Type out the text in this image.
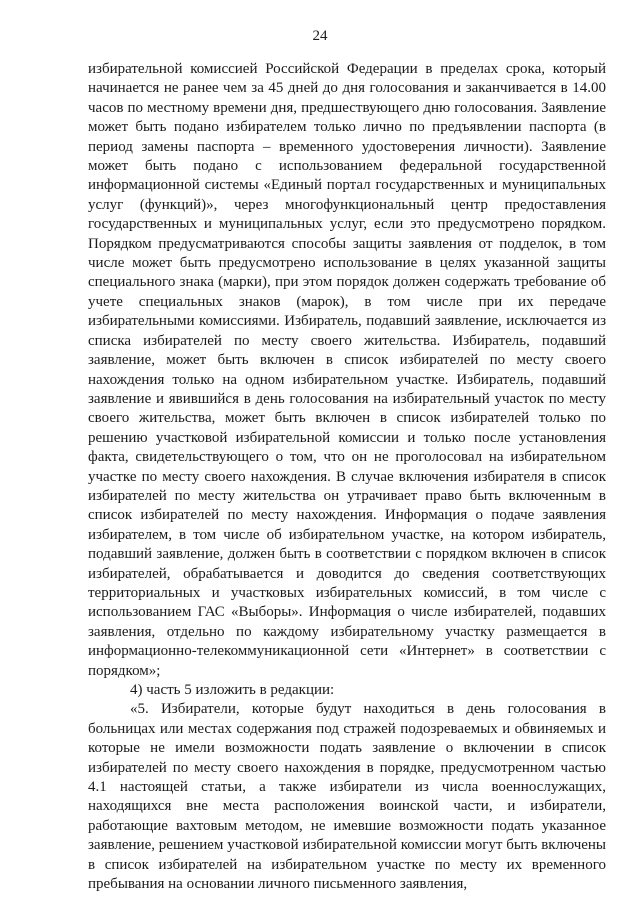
24

избирательной комиссией Российской Федерации в пределах срока, который начинается не ранее чем за 45 дней до дня голосования и заканчивается в 14.00 часов по местному времени дня, предшествующего дню голосования. Заявление может быть подано избирателем только лично по предъявлении паспорта (в период замены паспорта – временного удостоверения личности). Заявление может быть подано с использованием федеральной государственной информационной системы «Единый портал государственных и муниципальных услуг (функций)», через многофункциональный центр предоставления государственных и муниципальных услуг, если это предусмотрено порядком. Порядком предусматриваются способы защиты заявления от подделок, в том числе может быть предусмотрено использование в целях указанной защиты специального знака (марки), при этом порядок должен содержать требование об учете специальных знаков (марок), в том числе при их передаче избирательными комиссиями. Избиратель, подавший заявление, исключается из списка избирателей по месту своего жительства. Избиратель, подавший заявление, может быть включен в список избирателей по месту своего нахождения только на одном избирательном участке. Избиратель, подавший заявление и явившийся в день голосования на избирательный участок по месту своего жительства, может быть включен в список избирателей только по решению участковой избирательной комиссии и только после установления факта, свидетельствующего о том, что он не проголосовал на избирательном участке по месту своего нахождения. В случае включения избирателя в список избирателей по месту жительства он утрачивает право быть включенным в список избирателей по месту нахождения. Информация о подаче заявления избирателем, в том числе об избирательном участке, на котором избиратель, подавший заявление, должен быть в соответствии с порядком включен в список избирателей, обрабатывается и доводится до сведения соответствующих территориальных и участковых избирательных комиссий, в том числе с использованием ГАС «Выборы». Информация о числе избирателей, подавших заявления, отдельно по каждому избирательному участку размещается в информационно-телекоммуникационной сети «Интернет» в соответствии с порядком»;

4) часть 5 изложить в редакции:

«5. Избиратели, которые будут находиться в день голосования в больницах или местах содержания под стражей подозреваемых и обвиняемых и которые не имели возможности подать заявление о включении в список избирателей по месту своего нахождения в порядке, предусмотренном частью 4.1 настоящей статьи, а также избиратели из числа военнослужащих, находящихся вне места расположения воинской части, и избиратели, работающие вахтовым методом, не имевшие возможности подать указанное заявление, решением участковой избирательной комиссии могут быть включены в список избирателей на избирательном участке по месту их временного пребывания на основании личного письменного заявления,
